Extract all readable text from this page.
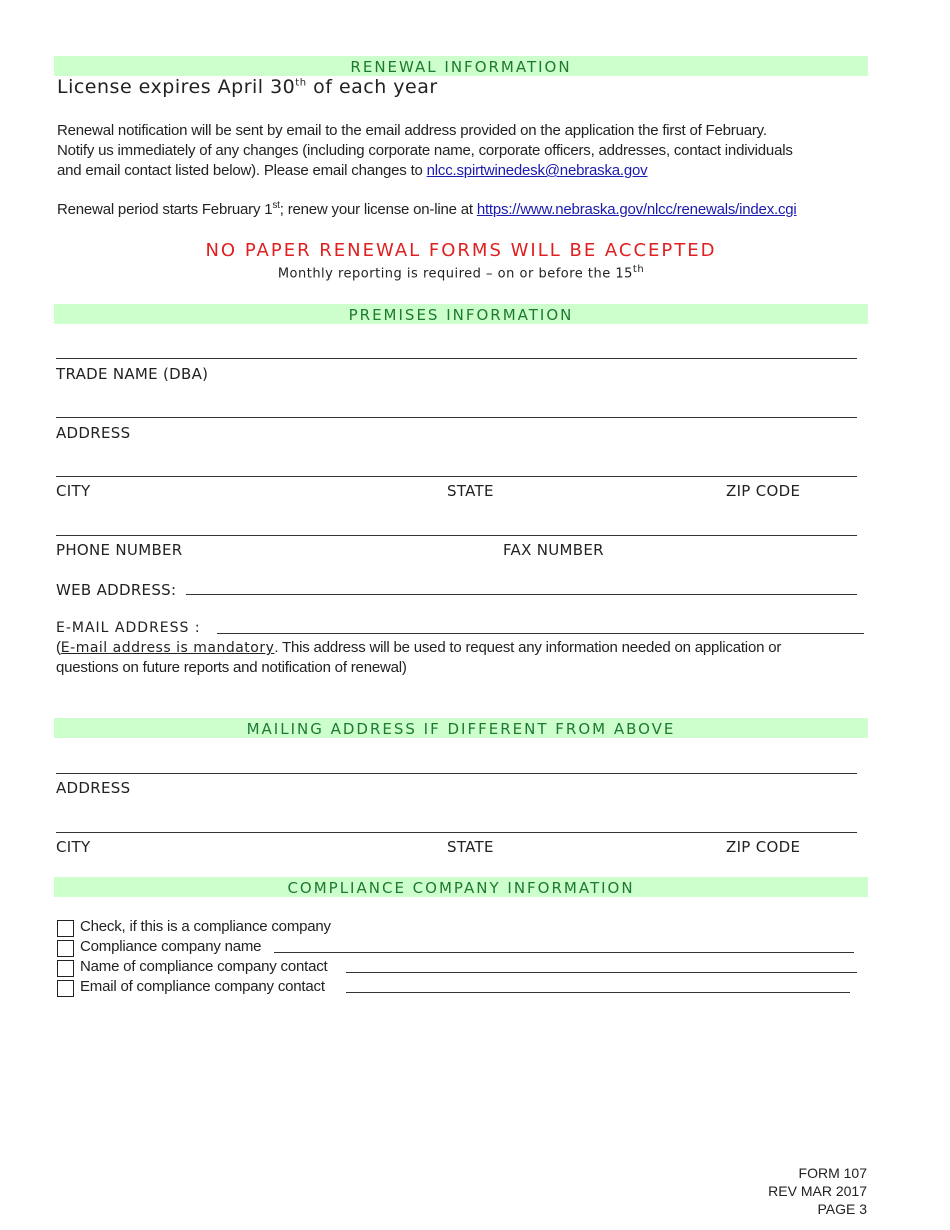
RENEWAL INFORMATION
License expires April 30th of each year
Renewal notification will be sent by email to the email address provided on the application the first of February.
Notify us immediately of any changes (including corporate name, corporate officers, addresses, contact individuals
and email contact listed below). Please email changes to nlcc.spirtwinedesk@nebraska.gov
Renewal period starts February 1st; renew your license on-line at https://www.nebraska.gov/nlcc/renewals/index.cgi
NO PAPER RENEWAL FORMS WILL BE ACCEPTED
Monthly reporting is required – on or before the 15th
PREMISES INFORMATION
TRADE NAME (DBA)
ADDRESS
CITY	STATE	ZIP CODE
PHONE NUMBER	FAX NUMBER
WEB ADDRESS:
E-MAIL ADDRESS :
(E-mail address is mandatory. This address will be used to request any information needed on application or
questions on future reports and notification of renewal)
MAILING ADDRESS IF DIFFERENT FROM ABOVE
ADDRESS
CITY	STATE	ZIP CODE
COMPLIANCE COMPANY INFORMATION
Check, if this is a compliance company
Compliance company name
Name of compliance company contact
Email of compliance company contact
FORM 107
REV MAR 2017
PAGE 3
